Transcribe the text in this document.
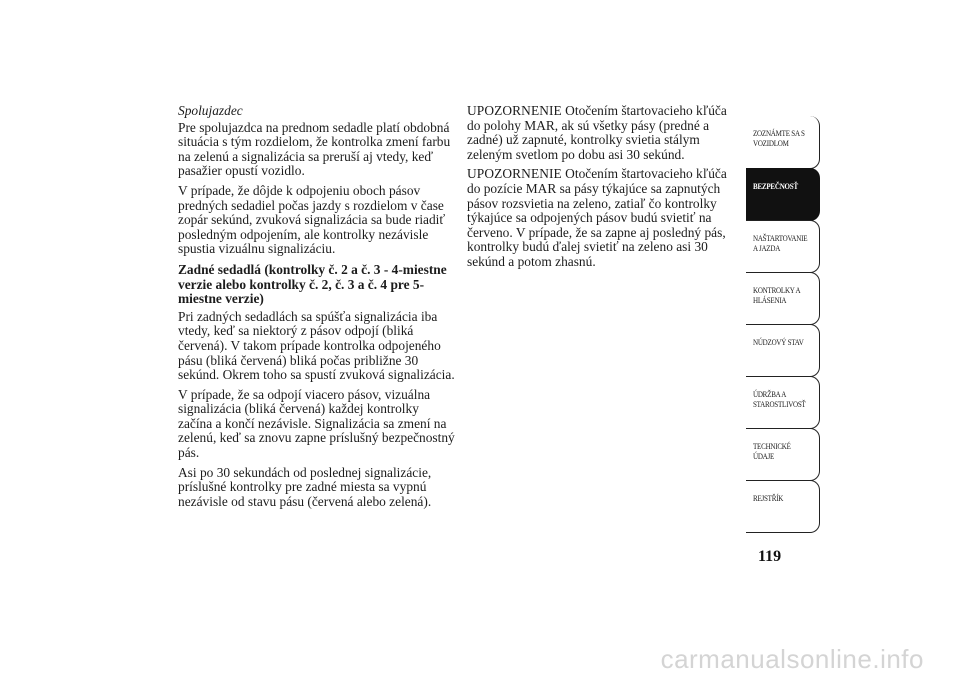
Spolujazdec

Pre spolujazdca na prednom sedadle platí obdobná situácia s tým rozdielom, že kontrolka zmení farbu na zelenú a signalizácia sa preruší aj vtedy, keď pasažier opustí vozidlo.

V prípade, že dôjde k odpojeniu oboch pásov predných sedadiel počas jazdy s rozdielom v čase zopár sekúnd, zvuková signalizácia sa bude riadiť posledným odpojením, ale kontrolky nezávisle spustia vizuálnu signalizáciu.

Zadné sedadlá (kontrolky č. 2 a č. 3 - 4-miestne verzie alebo kontrolky č. 2, č. 3 a č. 4 pre 5-miestne verzie)

Pri zadných sedadlách sa spúšťa signalizácia iba vtedy, keď sa niektorý z pásov odpojí (bliká červená). V takom prípade kontrolka odpojeného pásu (bliká červená) bliká počas približne 30 sekúnd. Okrem toho sa spustí zvuková signalizácia.

V prípade, že sa odpojí viacero pásov, vizuálna signalizácia (bliká červená) každej kontrolky začína a končí nezávisle. Signalizácia sa zmení na zelenú, keď sa znovu zapne príslušný bezpečnostný pás.

Asi po 30 sekundách od poslednej signalizácie, príslušné kontrolky pre zadné miesta sa vypnú nezávisle od stavu pásu (červená alebo zelená).

UPOZORNENIE Otočením štartovacieho kľúča do polohy MAR, ak sú všetky pásy (predné a zadné) už zapnuté, kontrolky svietia stálym zeleným svetlom po dobu asi 30 sekúnd.

UPOZORNENIE Otočením štartovacieho kľúča do pozície MAR sa pásy týkajúce sa zapnutých pásov rozsvietia na zeleno, zatiaľ čo kontrolky týkajúce sa odpojených pásov budú svietiť na červeno. V prípade, že sa zapne aj posledný pás, kontrolky budú ďalej svietiť na zeleno asi 30 sekúnd a potom zhasnú.

ZOZNÁMTE SA S
VOZIDLOM
BEZPEČNOSŤ
NAŠTARTOVANIE
A JAZDA
KONTROLKY A
HLÁSENIA
NÚDZOVÝ STAV
ÚDRŽBA A
STAROSTLIVOSŤ
TECHNICKÉ
ÚDAJE
REJSTŘÍK
119
carmanualsonline.info
